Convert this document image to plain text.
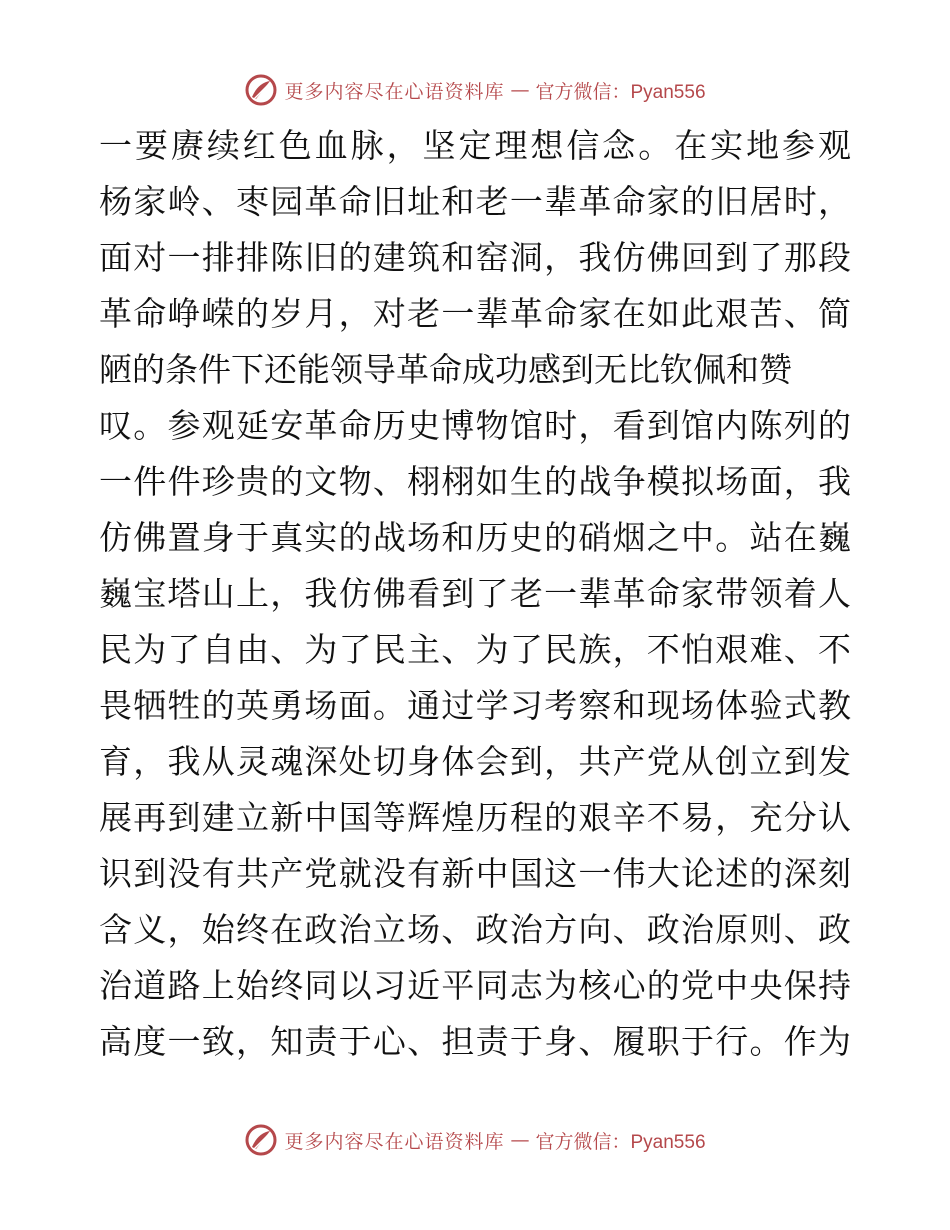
更多内容尽在心语资料库 — 官方微信：Pyan556
一要赓续红色血脉，坚定理想信念。在实地参观
杨家岭、枣园革命旧址和老一辈革命家的旧居时，
面对一排排陈旧的建筑和窑洞，我仿佛回到了那段
革命峥嵘的岁月，对老一辈革命家在如此艰苦、简
陋的条件下还能领导革命成功感到无比钦佩和赞
叹。参观延安革命历史博物馆时，看到馆内陈列的
一件件珍贵的文物、栩栩如生的战争模拟场面，我
仿佛置身于真实的战场和历史的硝烟之中。站在巍
巍宝塔山上，我仿佛看到了老一辈革命家带领着人
民为了自由、为了民主、为了民族，不怕艰难、不
畏牺牲的英勇场面。通过学习考察和现场体验式教
育，我从灵魂深处切身体会到，共产党从创立到发
展再到建立新中国等辉煌历程的艰辛不易，充分认
识到没有共产党就没有新中国这一伟大论述的深刻
含义，始终在政治立场、政治方向、政治原则、政
治道路上始终同以习近平同志为核心的党中央保持
高度一致，知责于心、担责于身、履职于行。作为
更多内容尽在心语资料库 — 官方微信：Pyan556
